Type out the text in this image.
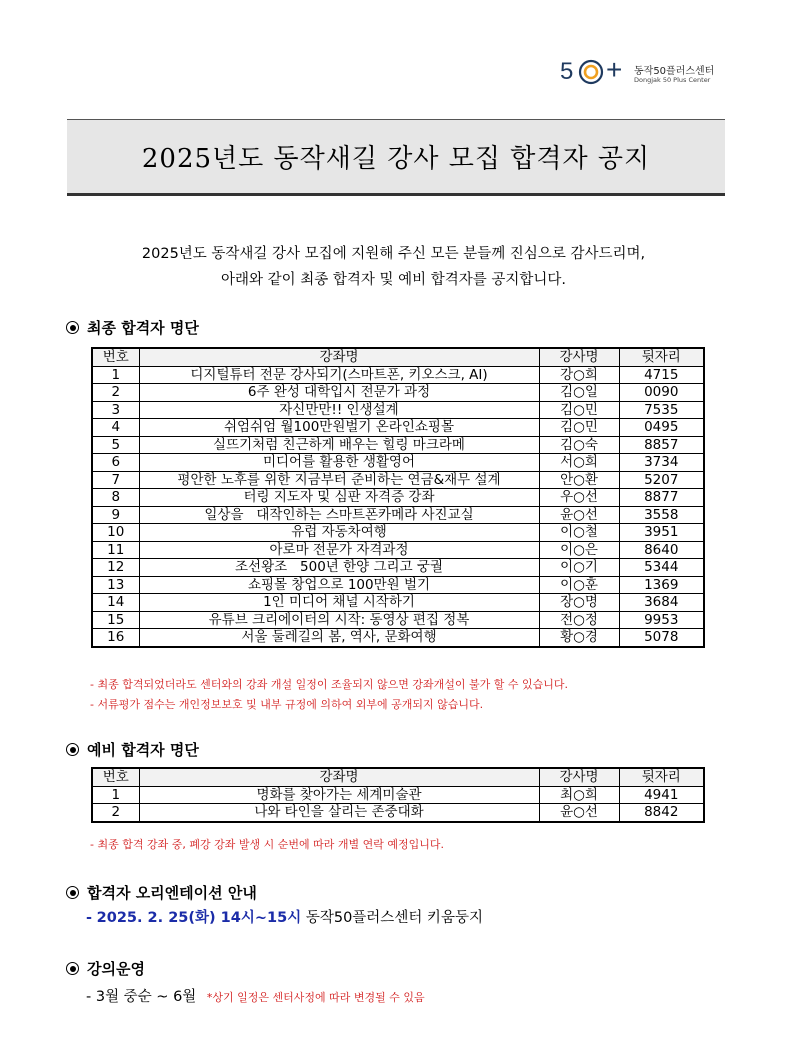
5 + 동작50플러스센터
Dongjak 50 Plus Center
2025년도 동작새길 강사 모집 합격자 공지
2025년도 동작새길 강사 모집에 지원해 주신 모든 분들께 진심으로 감사드리며,
아래와 같이 최종 합격자 및 예비 합격자를 공지합니다.
최종 합격자 명단
번호	강좌명	강사명	뒷자리
1	디지털튜터 전문 강사되기(스마트폰, 키오스크, AI)	강○희	4715
2	6주 완성 대학입시 전문가 과정	김○일	0090
3	자신만만!! 인생설계	김○민	7535
4	쉬엄쉬엄 월100만원벌기 온라인쇼핑몰	김○민	0495
5	실뜨기처럼 친근하게 배우는 힐링 마크라메	김○숙	8857
6	미디어를 활용한 생활영어	서○희	3734
7	평안한 노후를 위한 지금부터 준비하는 연금&재무 설계	안○환	5207
8	터링 지도자 및 심판 자격증 강좌	우○선	8877
9	일상을   대작인하는 스마트폰카메라 사진교실	윤○선	3558
10	유럽 자동차여행	이○철	3951
11	아로마 전문가 자격과정	이○은	8640
12	조선왕조   500년 한양 그리고 궁궐	이○기	5344
13	쇼핑몰 창업으로 100만원 벌기	이○훈	1369
14	1인 미디어 채널 시작하기	장○명	3684
15	유튜브 크리에이터의 시작: 동영상 편집 정복	전○정	9953
16	서울 둘레길의 봄, 역사, 문화여행	황○경	5078
- 최종 합격되었더라도 센터와의 강좌 개설 일정이 조율되지 않으면 강좌개설이 불가 할 수 있습니다.
- 서류평가 점수는 개인정보보호 및 내부 규정에 의하여 외부에 공개되지 않습니다.
예비 합격자 명단
번호	강좌명	강사명	뒷자리
1	명화를 찾아가는 세계미술관	최○희	4941
2	나와 타인을 살리는 존중대화	윤○선	8842
- 최종 합격 강좌 중, 폐강 강좌 발생 시 순번에 따라 개별 연락 예정입니다.
합격자 오리엔테이션 안내
- 2025. 2. 25(화) 14시~15시 동작50플러스센터 키움둥지
강의운영
- 3월 중순 ~ 6월 *상기 일정은 센터사정에 따라 변경될 수 있음
